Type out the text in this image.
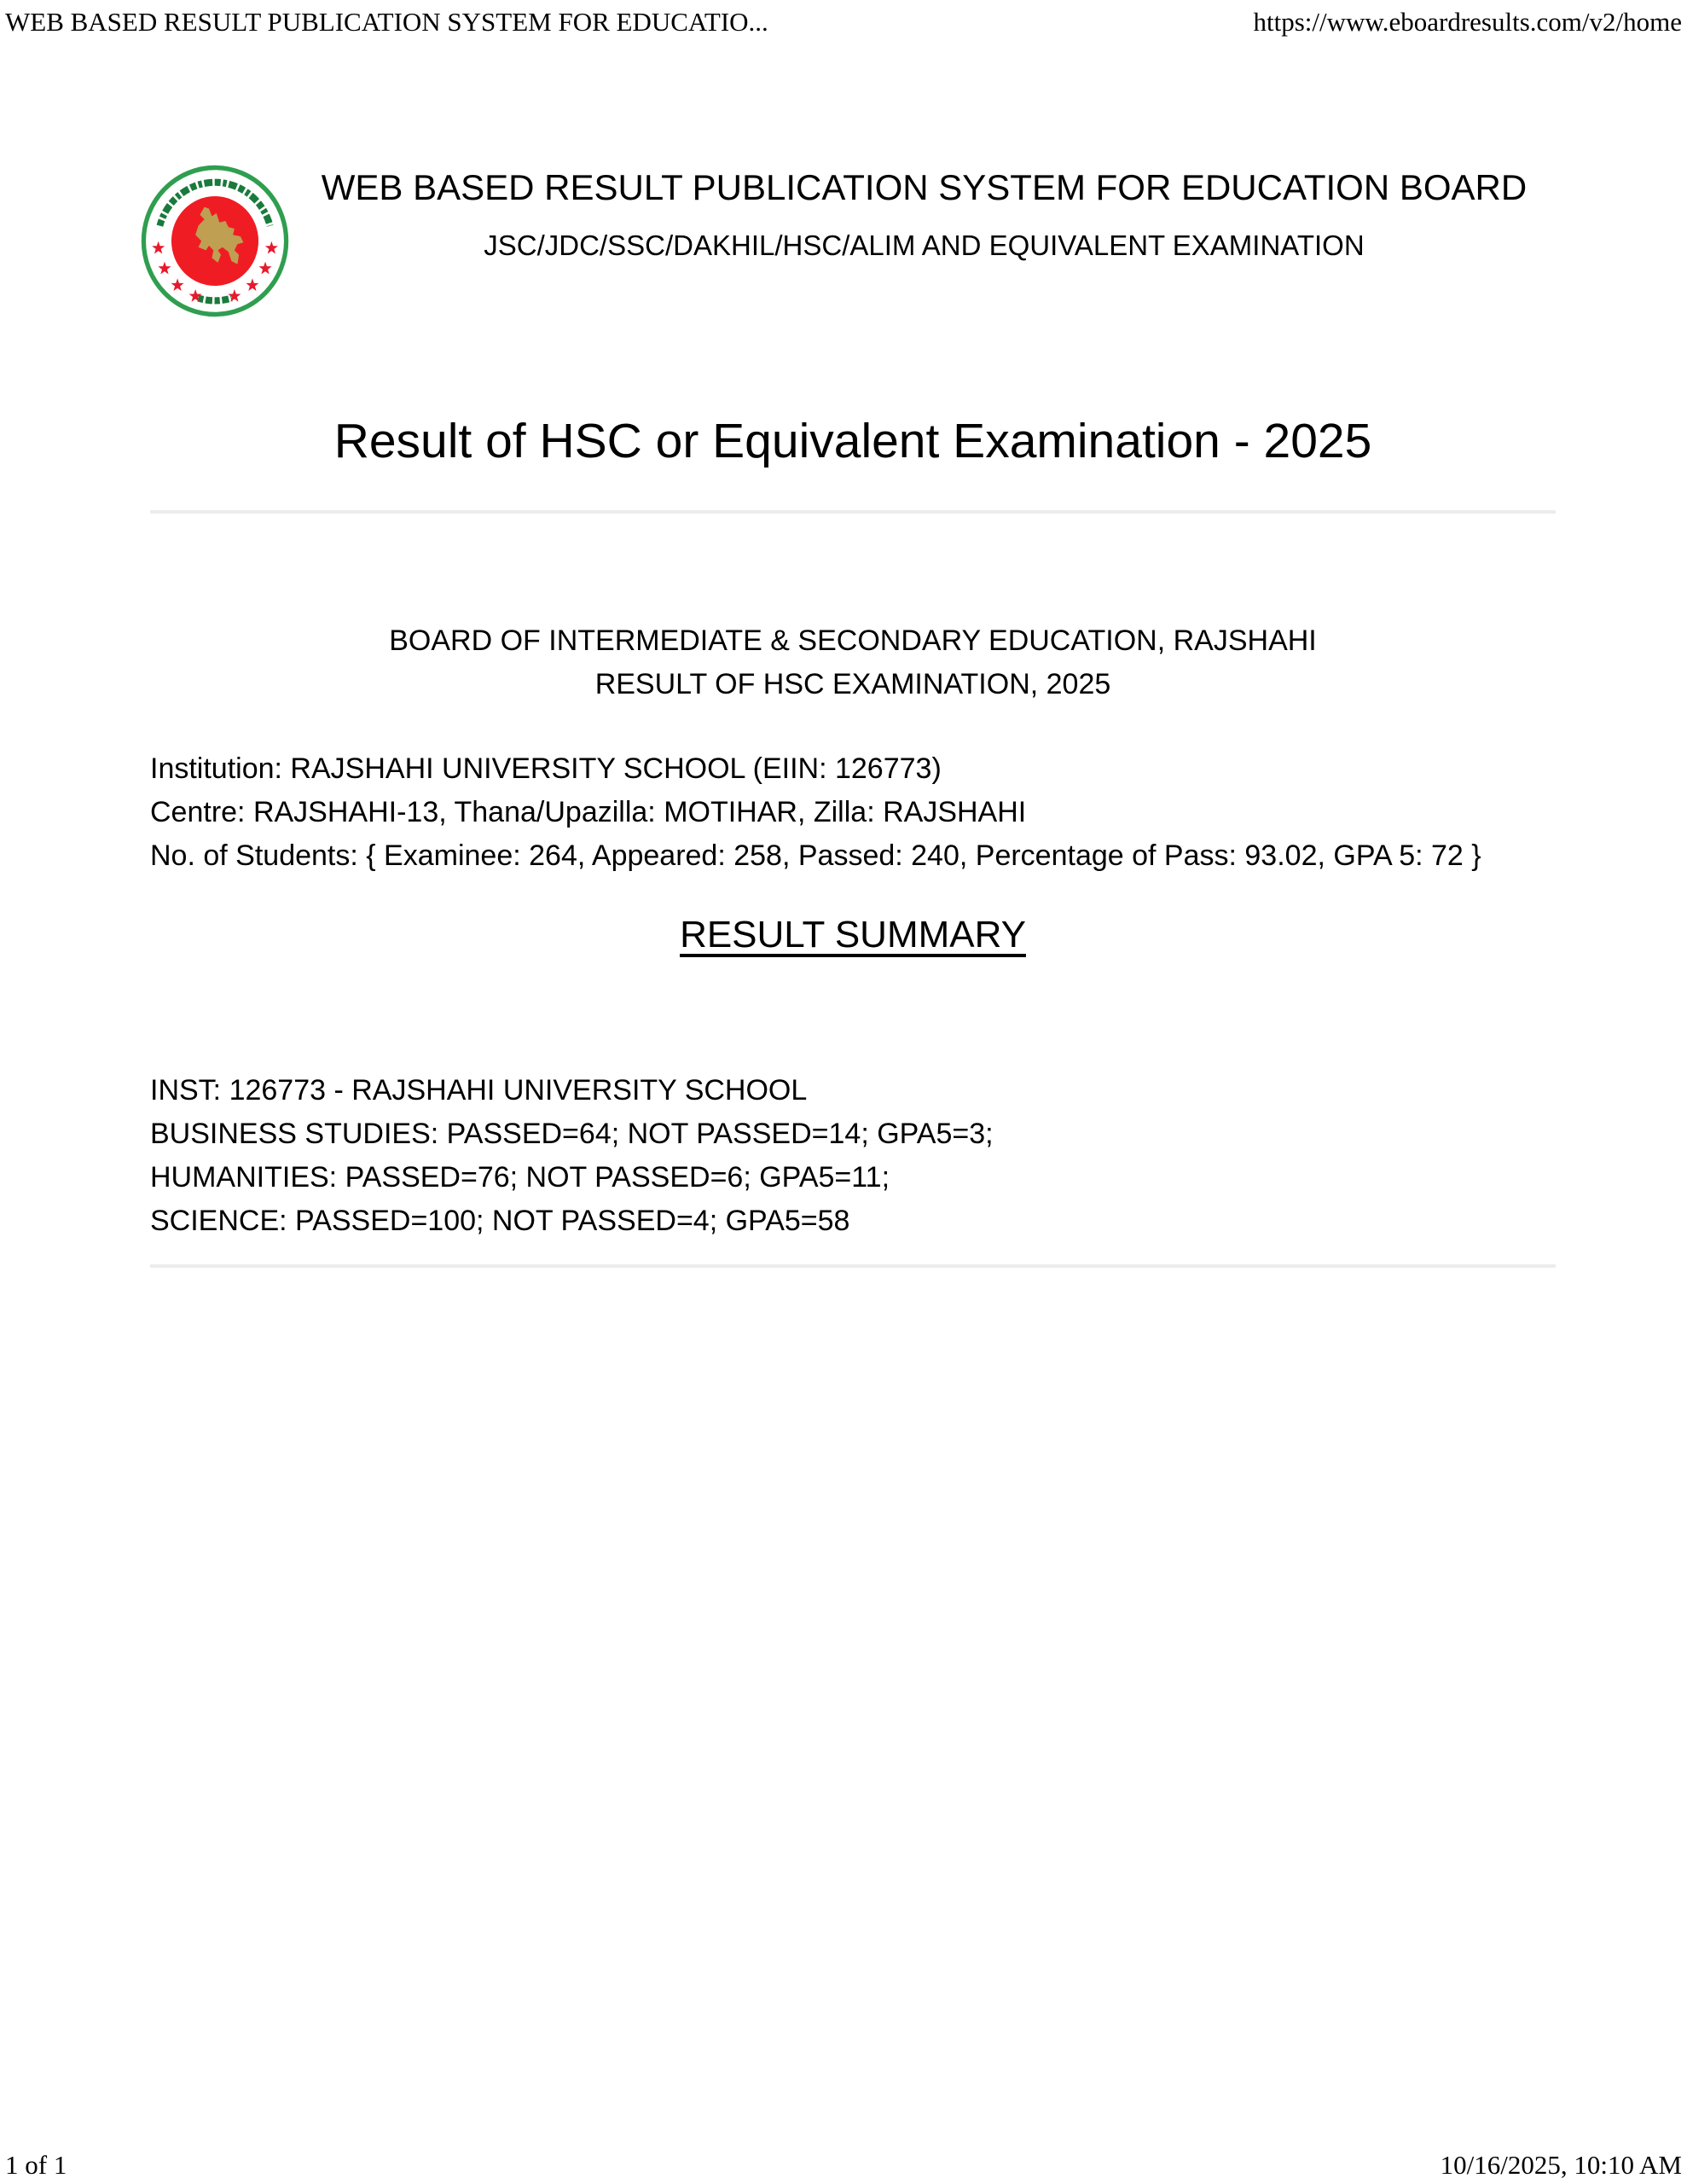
WEB BASED RESULT PUBLICATION SYSTEM FOR EDUCATIO...	https://www.eboardresults.com/v2/home
WEB BASED RESULT PUBLICATION SYSTEM FOR EDUCATION BOARD
JSC/JDC/SSC/DAKHIL/HSC/ALIM AND EQUIVALENT EXAMINATION
Result of HSC or Equivalent Examination - 2025
BOARD OF INTERMEDIATE & SECONDARY EDUCATION, RAJSHAHI
RESULT OF HSC EXAMINATION, 2025
Institution: RAJSHAHI UNIVERSITY SCHOOL (EIIN: 126773)
Centre: RAJSHAHI-13, Thana/Upazilla: MOTIHAR, Zilla: RAJSHAHI
No. of Students: { Examinee: 264, Appeared: 258, Passed: 240, Percentage of Pass: 93.02, GPA 5: 72 }
RESULT SUMMARY
INST: 126773 - RAJSHAHI UNIVERSITY SCHOOL
BUSINESS STUDIES: PASSED=64; NOT PASSED=14; GPA5=3;
HUMANITIES: PASSED=76; NOT PASSED=6; GPA5=11;
SCIENCE: PASSED=100; NOT PASSED=4; GPA5=58
1 of 1	10/16/2025, 10:10 AM
